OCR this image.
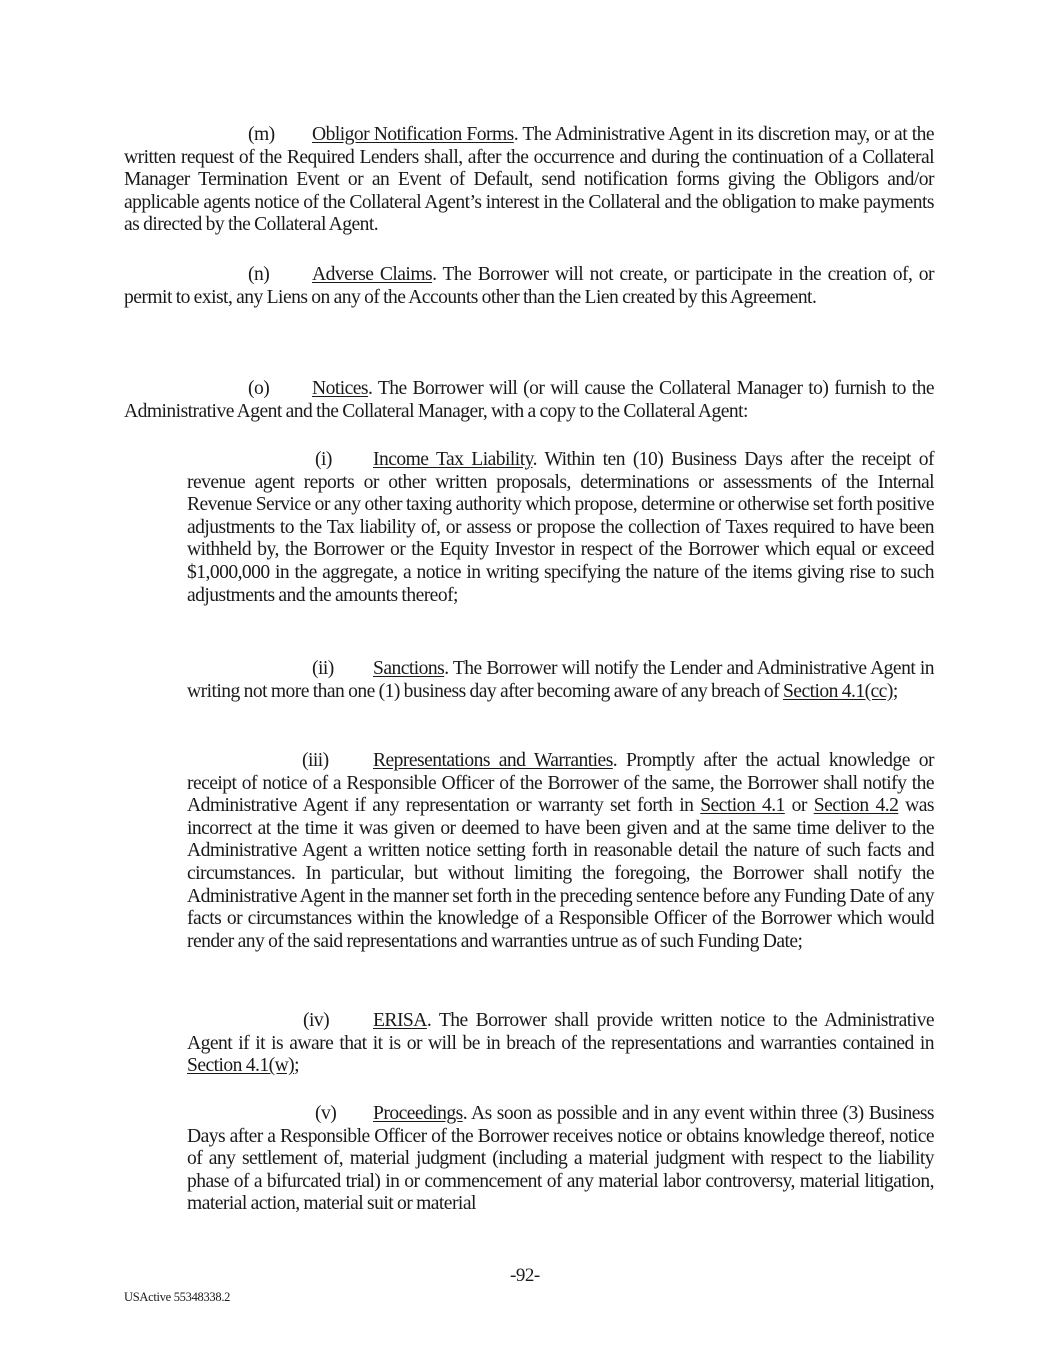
(m) Obligor Notification Forms. The Administrative Agent in its discretion may, or at the written request of the Required Lenders shall, after the occurrence and during the continuation of a Collateral Manager Termination Event or an Event of Default, send notification forms giving the Obligors and/or applicable agents notice of the Collateral Agent’s interest in the Collateral and the obligation to make payments as directed by the Collateral Agent.
(n) Adverse Claims. The Borrower will not create, or participate in the creation of, or permit to exist, any Liens on any of the Accounts other than the Lien created by this Agreement.
(o) Notices. The Borrower will (or will cause the Collateral Manager to) furnish to the Administrative Agent and the Collateral Manager, with a copy to the Collateral Agent:
(i) Income Tax Liability. Within ten (10) Business Days after the receipt of revenue agent reports or other written proposals, determinations or assessments of the Internal Revenue Service or any other taxing authority which propose, determine or otherwise set forth positive adjustments to the Tax liability of, or assess or propose the collection of Taxes required to have been withheld by, the Borrower or the Equity Investor in respect of the Borrower which equal or exceed $1,000,000 in the aggregate, a notice in writing specifying the nature of the items giving rise to such adjustments and the amounts thereof;
(ii) Sanctions. The Borrower will notify the Lender and Administrative Agent in writing not more than one (1) business day after becoming aware of any breach of Section 4.1(cc);
(iii) Representations and Warranties. Promptly after the actual knowledge or receipt of notice of a Responsible Officer of the Borrower of the same, the Borrower shall notify the Administrative Agent if any representation or warranty set forth in Section 4.1 or Section 4.2 was incorrect at the time it was given or deemed to have been given and at the same time deliver to the Administrative Agent a written notice setting forth in reasonable detail the nature of such facts and circumstances. In particular, but without limiting the foregoing, the Borrower shall notify the Administrative Agent in the manner set forth in the preceding sentence before any Funding Date of any facts or circumstances within the knowledge of a Responsible Officer of the Borrower which would render any of the said representations and warranties untrue as of such Funding Date;
(iv) ERISA. The Borrower shall provide written notice to the Administrative Agent if it is aware that it is or will be in breach of the representations and warranties contained in Section 4.1(w);
(v) Proceedings. As soon as possible and in any event within three (3) Business Days after a Responsible Officer of the Borrower receives notice or obtains knowledge thereof, notice of any settlement of, material judgment (including a material judgment with respect to the liability phase of a bifurcated trial) in or commencement of any material labor controversy, material litigation, material action, material suit or material
-92-
USActive 55348338.2
